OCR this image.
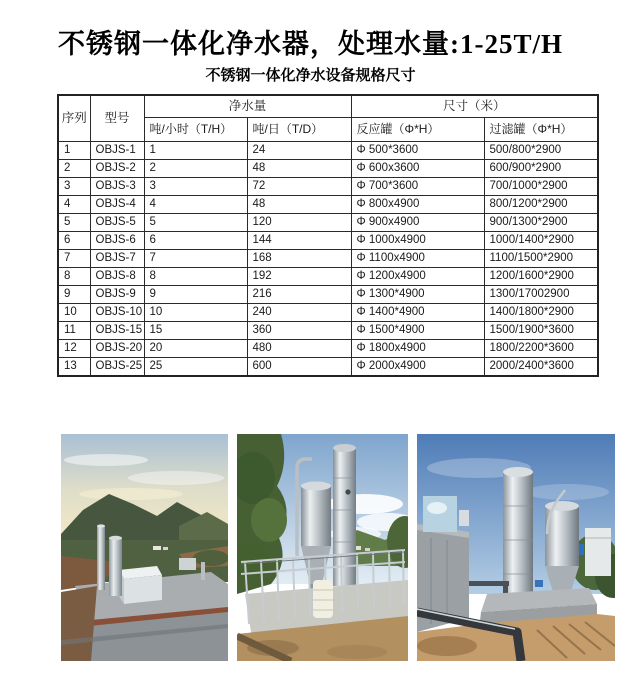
不锈钢一体化净水器，处理水量:1-25T/H
不锈钢一体化净水设备规格尺寸
序列	型号	净水量		尺寸（米）	
		吨/小时（T/H）	吨/日（T/D）	反应罐（Φ*H）	过滤罐（Φ*H）
1	OBJS-1	1	24	Φ 500*3600	500/800*2900
2	OBJS-2	2	48	Φ 600x3600	600/900*2900
3	OBJS-3	3	72	Φ 700*3600	700/1000*2900
4	OBJS-4	4	48	Φ 800x4900	800/1200*2900
5	OBJS-5	5	120	Φ 900x4900	900/1300*2900
6	OBJS-6	6	144	Φ 1000x4900	1000/1400*2900
7	OBJS-7	7	168	Φ 1100x4900	1100/1500*2900
8	OBJS-8	8	192	Φ 1200x4900	1200/1600*2900
9	OBJS-9	9	216	Φ 1300*4900	1300/17002900
10	OBJS-10	10	240	Φ 1400*4900	1400/1800*2900
11	OBJS-15	15	360	Φ 1500*4900	1500/1900*3600
12	OBJS-20	20	480	Φ 1800x4900	1800/2200*3600
13	OBJS-25	25	600	Φ 2000x4900	2000/2400*3600
